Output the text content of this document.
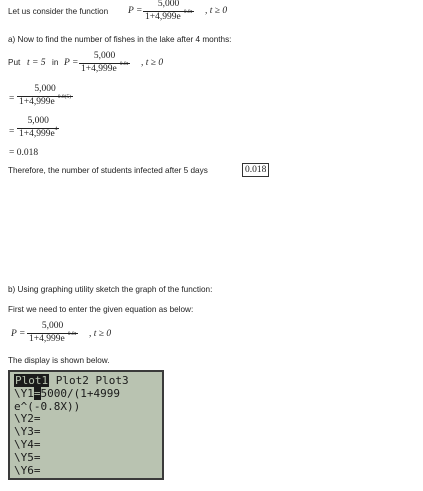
Let us consider the function $P = \frac{5,000}{1+4,999e^{-0.8t}}$ , t ≥ 0
a) Now to find the number of fishes in the lake after 4 months:
Put t = 5 in $P = \frac{5,000}{1+4,999e^{-0.8t}}$ , t ≥ 0
= $\frac{5,000}{1+4,999e^{-0.8(5)}}$
= $\frac{5,000}{1+4,999e^4}$
= 0.018
Therefore, the number of students infected after 5 days	0.018
b) Using graphing utility sketch the graph of the function:
First we need to enter the given equation as below:
$P = \frac{5,000}{1+4,999e^{-0.8t}}$ , t ≥ 0
The display is shown below.
Plot1 Plot2 Plot3
\Y1=5000/(1+4999
e^(-0.8X))
\Y2=
\Y3=
\Y4=
\Y5=
\Y6=
